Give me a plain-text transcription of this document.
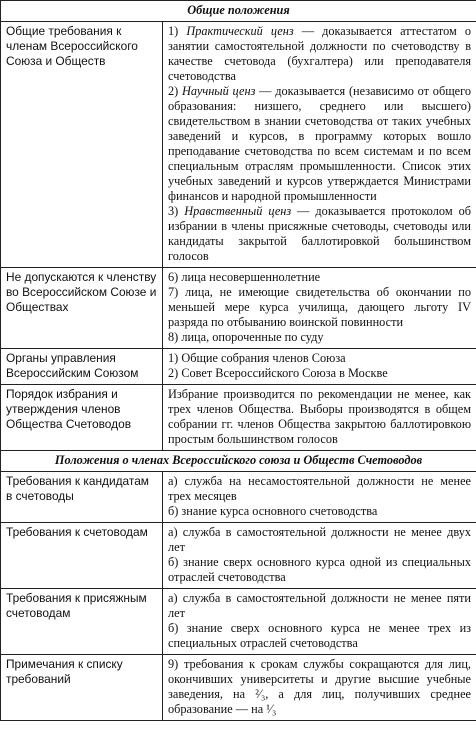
Общие положения	
Общие требования к членам Всероссийского Союза и Обществ	1) Практический ценз — доказывается аттестатом о занятии самостоятельной должности по счетоводству в качестве счетовода (бухгалтера) или преподавателя счетоводства
2) Научный ценз — доказывается (независимо от общего образования: низшего, среднего или высшего) свидетельством в знании счетоводства от таких учебных заведений и курсов, в программу которых вошло преподавание счетоводства по всем системам и по всем специальным отраслям промышленности. Список этих учебных заведений и курсов утверждается Министрами финансов и народной промышленности
3) Нравственный ценз — доказывается протоколом об избрании в члены присяжные счетоводы, счетоводы или кандидаты закрытой баллотировкой большинством голосов

Не допускаются к членству во Всероссийском Союзе и Обществах	6) лица несовершеннолетние
7) лица, не имеющие свидетельства об окончании по меньшей мере курса училища, дающего льготу IV разряда по отбыванию воинской повинности
8) лица, опороченные по суду

Органы управления Всероссийским Союзом	1) Общие собрания членов Союза
2) Совет Всероссийского Союза в Москве

Порядок избрания и утверждения членов Общества Счетоводов	Избрание производится по рекомендации не менее, как трех членов Общества. Выборы производятся в общем собрании гг. членов Общества закрытою баллотировкою простым большинством голосов

Положения о членах Всероссийского союза и Обществ Счетоводов	
Требования к кандидатам в счетоводы	а) служба на несамостоятельной должности не менее трех месяцев
б) знание курса основного счетоводства

Требования к счетоводам	а) служба в самостоятельной должности не менее двух лет
б) знание сверх основного курса одной из специальных отраслей счетоводства

Требования к присяжным счетоводам	а) служба в самостоятельной должности не менее пяти лет
б) знание сверх основного курса не менее трех из специальных отраслей счетоводства

Примечания к списку требований	9) требования к срокам службы сокращаются для лиц, окончивших университеты и другие высшие учебные заведения, на ²⁄₃, а для лиц, получивших среднее образование — на ¹⁄₃
